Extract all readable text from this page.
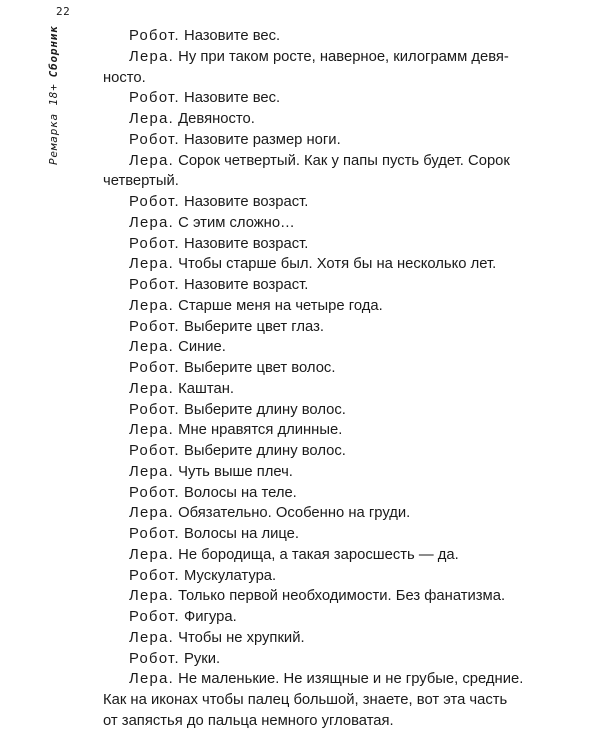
22
Ремарка 18+Сборник	Робот. Назовите вес.
Лера. Ну при таком росте, наверное, килограмм девя-
носто.
Робот. Назовите вес.
Лера. Девяносто.
Робот. Назовите размер ноги.
Лера. Сорок четвертый. Как у папы пусть будет. Сорок
четвертый.
Робот. Назовите возраст.
Лера. С этим сложно…
Робот. Назовите возраст.
Лера. Чтобы старше был. Хотя бы на несколько лет.
Робот. Назовите возраст.
Лера. Старше меня на четыре года.
Робот. Выберите цвет глаз.
Лера. Синие.
Робот. Выберите цвет волос.
Лера. Каштан.
Робот. Выберите длину волос.
Лера. Мне нравятся длинные.
Робот. Выберите длину волос.
Лера. Чуть выше плеч.
Робот. Волосы на теле.
Лера. Обязательно. Особенно на груди.
Робот. Волосы на лице.
Лера. Не бородища, а такая заросшесть — да.
Робот. Мускулатура.
Лера. Только первой необходимости. Без фанатизма.
Робот. Фигура.
Лера. Чтобы не хрупкий.
Робот. Руки.
Лера. Не маленькие. Не изящные и не грубые, средние.
Как на иконах чтобы палец большой, знаете, вот эта часть
от запястья до пальца немного угловатая.
